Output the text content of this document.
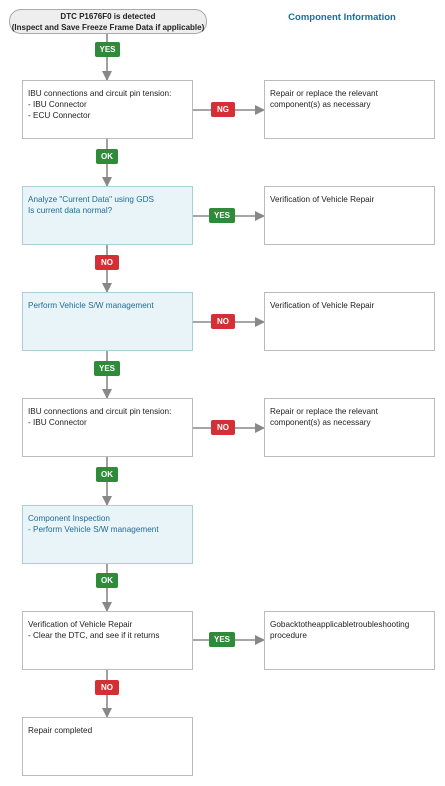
DTC P1676F0 is detected
(Inspect and Save Freeze Frame Data if applicable)
Component Information
YES
IBU connections and circuit pin tension:
- IBU Connector
- ECU Connector
NG
Repair or replace the relevant
component(s) as necessary
OK
Analyze "Current Data" using GDS
Is current data normal?
YES
Verification of Vehicle Repair
NO
Perform Vehicle S/W management
NO
Verification of Vehicle Repair
YES
IBU connections and circuit pin tension:
- IBU Connector
NO
Repair or replace the relevant
component(s) as necessary
OK
Component Inspection
- Perform Vehicle S/W management
OK
Verification of Vehicle Repair
- Clear the DTC, and see if it returns	YES
Gobacktotheapplicabletroubleshooting
procedure
NO
Repair completed
